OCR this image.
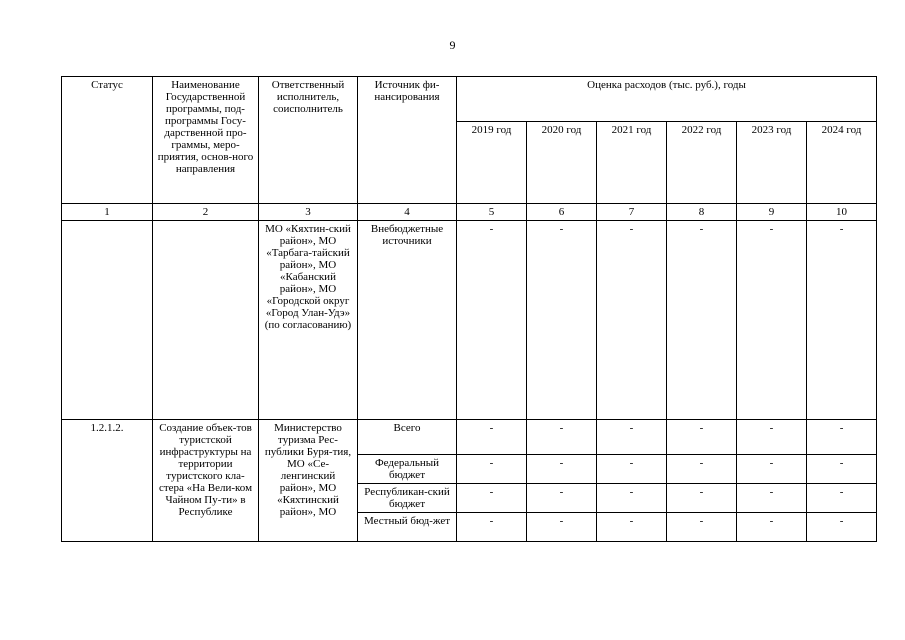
9
Статус	Наименование Государственной программы, под-программы Госу-дарственной про-граммы, меро-приятия, основ-ного направления	Ответственный исполнитель, соисполнитель	Источник фи-нансирования	Оценка расходов (тыс. руб.), годы					
				2019 год	2020 год	2021 год	2022 год	2023 год	2024 год
1	2	3	4	5	6	7	8	9	10
		МО «Кяхтин-ский район», МО «Тарбага-тайский район», МО «Кабанский район», МО «Городской округ «Город Улан-Удэ» (по согласованию)	Внебюджетные источники	-	-	-	-	-	-
1.2.1.2.	Создание объек-тов туристской инфраструктуры на территории туристского кла-стера «На Вели-ком Чайном Пу-ти» в Республике	Министерство туризма Рес-публики Буря-тия, МО «Се-ленгинский район», МО «Кяхтинский район», МО	Всего	-	-	-	-	-	-
			Федеральный бюджет	-	-	-	-	-	-
			Республикан-ский бюджет	-	-	-	-	-	-
			Местный бюд-жет	-	-	-	-	-	-
